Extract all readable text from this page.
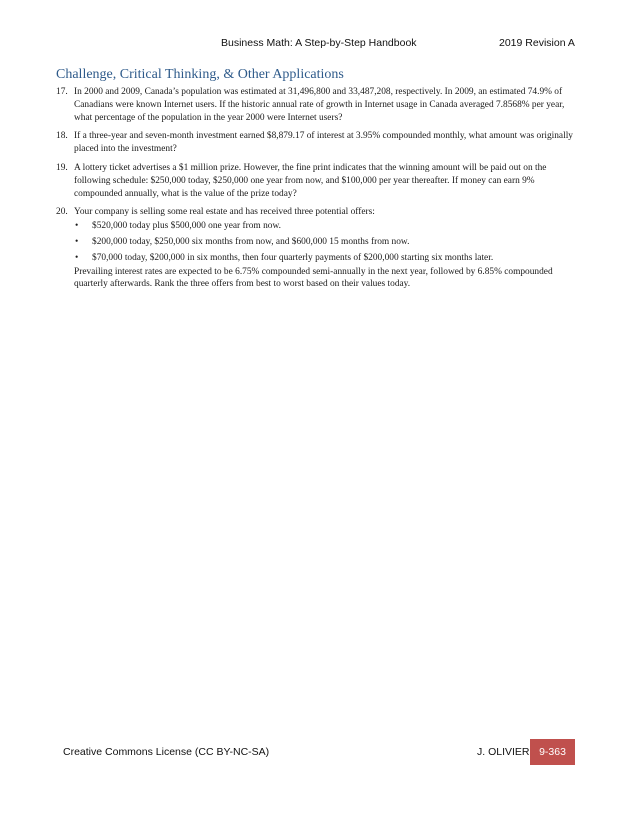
Business Math: A Step-by-Step Handbook	2019 Revision A
Challenge, Critical Thinking, & Other Applications
17. In 2000 and 2009, Canada’s population was estimated at 31,496,800 and 33,487,208, respectively. In 2009, an estimated 74.9% of Canadians were known Internet users. If the historic annual rate of growth in Internet usage in Canada averaged 7.8568% per year, what percentage of the population in the year 2000 were Internet users?
18. If a three-year and seven-month investment earned $8,879.17 of interest at 3.95% compounded monthly, what amount was originally placed into the investment?
19. A lottery ticket advertises a $1 million prize. However, the fine print indicates that the winning amount will be paid out on the following schedule: $250,000 today, $250,000 one year from now, and $100,000 per year thereafter. If money can earn 9% compounded annually, what is the value of the prize today?
20. Your company is selling some real estate and has received three potential offers:
• $520,000 today plus $500,000 one year from now.
• $200,000 today, $250,000 six months from now, and $600,000 15 months from now.
• $70,000 today, $200,000 in six months, then four quarterly payments of $200,000 starting six months later.
Prevailing interest rates are expected to be 6.75% compounded semi-annually in the next year, followed by 6.85% compounded quarterly afterwards. Rank the three offers from best to worst based on their values today.
Creative Commons License (CC BY-NC-SA)	J. OLIVIER 9-363
